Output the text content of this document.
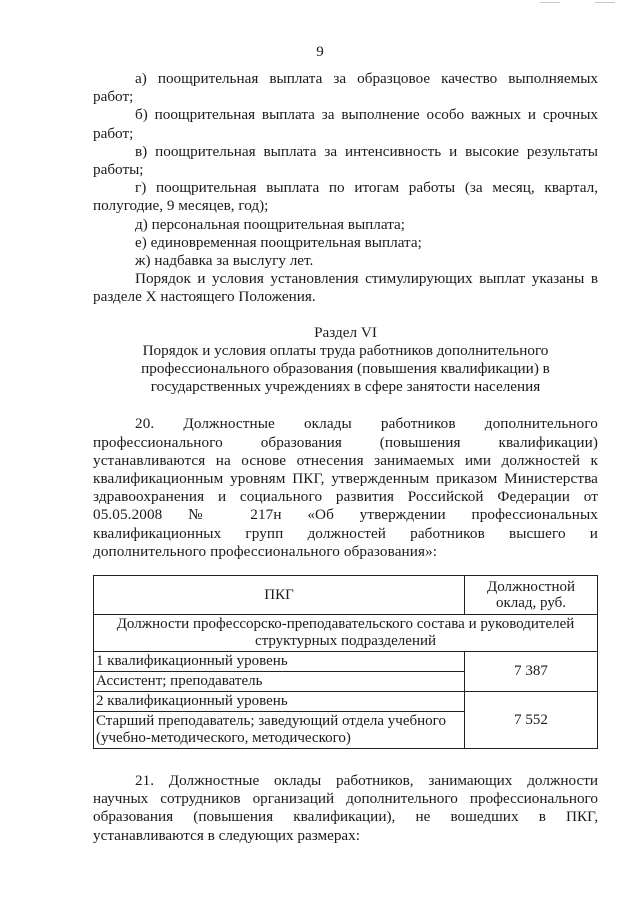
9

а) поощрительная выплата за образцовое качество выполняемых работ;

б) поощрительная выплата за выполнение особо важных и срочных работ;

в) поощрительная выплата за интенсивность и высокие результаты работы;

г) поощрительная выплата по итогам работы (за месяц, квартал, полугодие, 9 месяцев, год);

д) персональная поощрительная выплата;

е) единовременная поощрительная выплата;

ж) надбавка за выслугу лет.

Порядок и условия установления стимулирующих выплат указаны в разделе X настоящего Положения.

Раздел VI

Порядок и условия оплаты труда работников дополнительного профессионального образования (повышения квалификации) в государственных учреждениях в сфере занятости населения

20. Должностные оклады работников дополнительного профессионального образования (повышения квалификации) устанавливаются на основе отнесения занимаемых ими должностей к квалификационным уровням ПКГ, утвержденным приказом Министерства здравоохранения и социального развития Российской Федерации от 05.05.2008 № 217н «Об утверждении профессиональных квалификационных групп должностей работников высшего и дополнительного профессионального образования»:

ПКГ	Должностной оклад, руб.
Должности профессорско-преподавательского состава и руководителей структурных подразделений	
1 квалификационный уровень	7 387
Ассистент; преподаватель	
2 квалификационный уровень	7 552
Старший преподаватель; заведующий отдела учебного (учебно-методического, методического)	

21. Должностные оклады работников, занимающих должности научных сотрудников организаций дополнительного профессионального образования (повышения квалификации), не вошедших в ПКГ, устанавливаются в следующих размерах:
